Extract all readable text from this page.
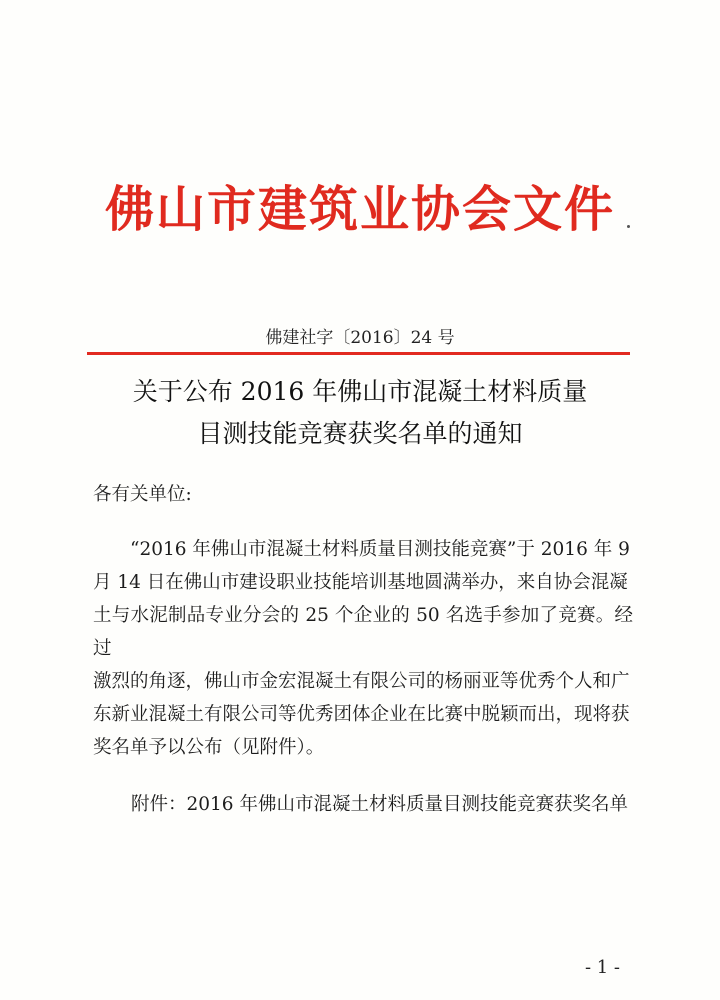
佛山市建筑业协会文件
佛建社字〔2016〕24 号
关于公布 2016 年佛山市混凝土材料质量
目测技能竞赛获奖名单的通知
各有关单位:
“2016 年佛山市混凝土材料质量目测技能竞赛”于 2016 年 9
月 14 日在佛山市建设职业技能培训基地圆满举办，来自协会混凝
土与水泥制品专业分会的 25 个企业的 50 名选手参加了竞赛。经过
激烈的角逐，佛山市金宏混凝土有限公司的杨丽亚等优秀个人和广
东新业混凝土有限公司等优秀团体企业在比赛中脱颖而出，现将获
奖名单予以公布（见附件）。
附件：2016 年佛山市混凝土材料质量目测技能竞赛获奖名单
- 1 -
